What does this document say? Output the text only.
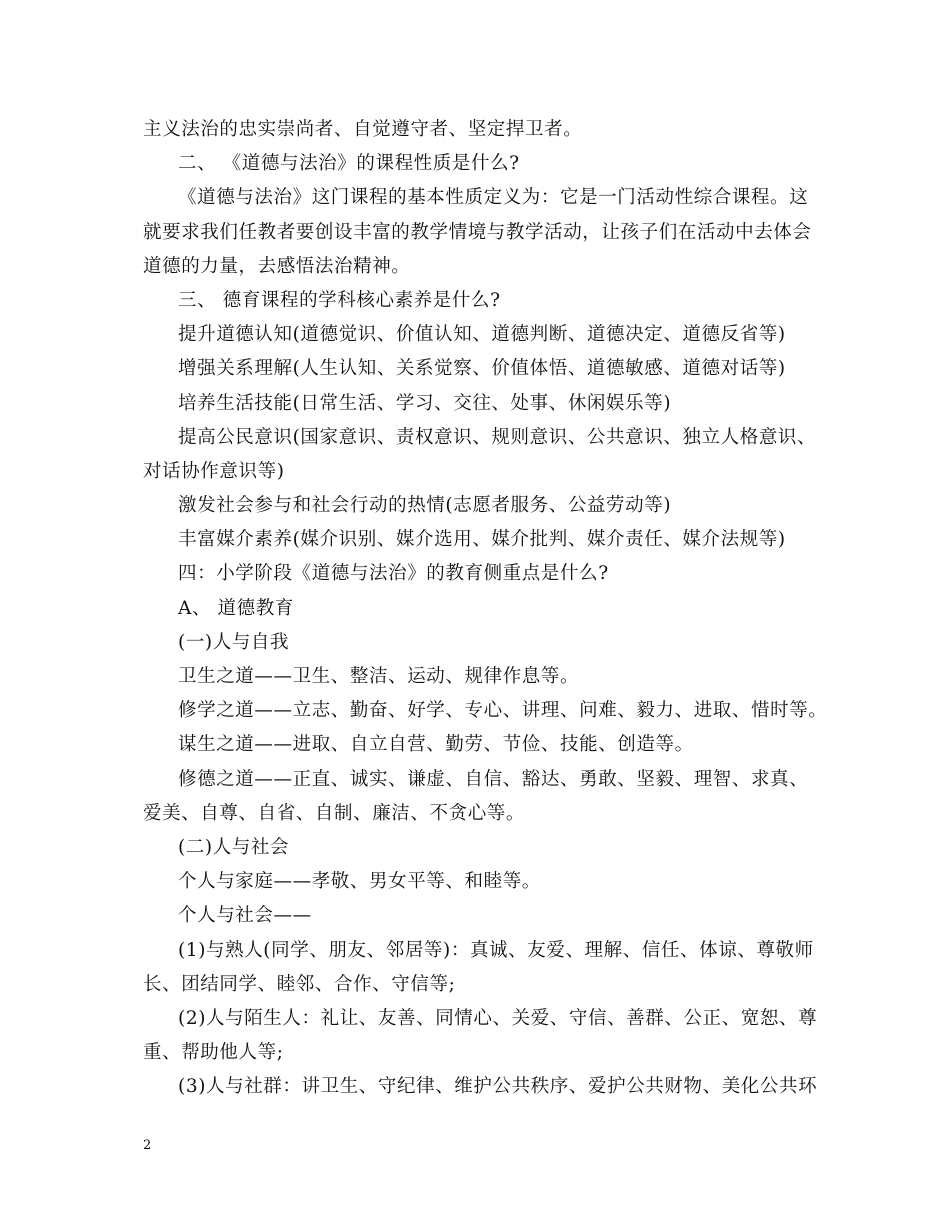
主义法治的忠实崇尚者、自觉遵守者、坚定捍卫者。
二、 《道德与法治》的课程性质是什么?
《道德与法治》这门课程的基本性质定义为：它是一门活动性综合课程。这
就要求我们任教者要创设丰富的教学情境与教学活动，让孩子们在活动中去体会
道德的力量，去感悟法治精神。
三、 德育课程的学科核心素养是什么?
提升道德认知(道德觉识、价值认知、道德判断、道德决定、道德反省等)
增强关系理解(人生认知、关系觉察、价值体悟、道德敏感、道德对话等)
培养生活技能(日常生活、学习、交往、处事、休闲娱乐等)
提高公民意识(国家意识、责权意识、规则意识、公共意识、独立人格意识、
对话协作意识等)
激发社会参与和社会行动的热情(志愿者服务、公益劳动等)
丰富媒介素养(媒介识别、媒介选用、媒介批判、媒介责任、媒介法规等)
四：小学阶段《道德与法治》的教育侧重点是什么?
A、 道德教育
(一)人与自我
卫生之道——卫生、整洁、运动、规律作息等。
修学之道——立志、勤奋、好学、专心、讲理、问难、毅力、进取、惜时等。
谋生之道——进取、自立自营、勤劳、节俭、技能、创造等。
修德之道——正直、诚实、谦虚、自信、豁达、勇敢、坚毅、理智、求真、
爱美、自尊、自省、自制、廉洁、不贪心等。
(二)人与社会
个人与家庭——孝敬、男女平等、和睦等。
个人与社会——
(1)与熟人(同学、朋友、邻居等)：真诚、友爱、理解、信任、体谅、尊敬师
长、团结同学、睦邻、合作、守信等;
(2)人与陌生人：礼让、友善、同情心、关爱、守信、善群、公正、宽恕、尊
重、帮助他人等;
(3)人与社群：讲卫生、守纪律、维护公共秩序、爱护公共财物、美化公共环
2
